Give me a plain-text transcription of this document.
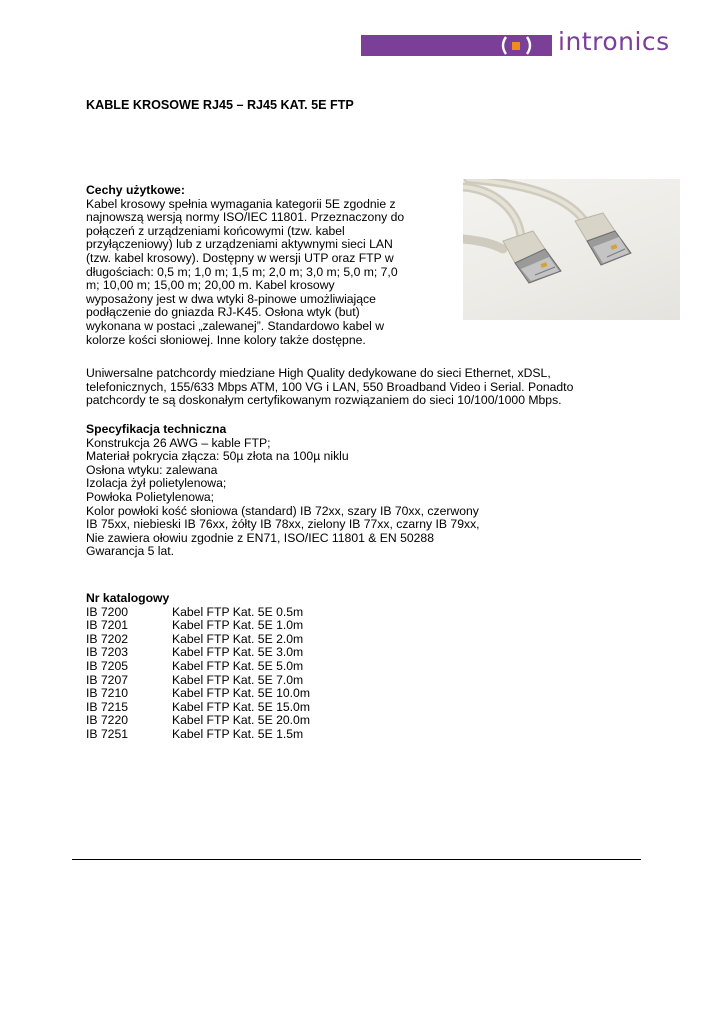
intronics
KABLE KROSOWE RJ45 – RJ45 KAT. 5E FTP

Cechy użytkowe:

Kabel krosowy spełnia wymagania kategorii 5E zgodnie z

najnowszą wersją normy ISO/IEC 11801. Przeznaczony do

połączeń z urządzeniami końcowymi (tzw. kabel

przyłączeniowy) lub z urządzeniami aktywnymi sieci LAN

(tzw. kabel krosowy). Dostępny w wersji UTP oraz FTP w

długościach: 0,5 m; 1,0 m; 1,5 m; 2,0 m; 3,0 m; 5,0 m; 7,0

m; 10,00 m; 15,00 m; 20,00 m. Kabel krosowy

wyposażony jest w dwa wtyki 8-pinowe umożliwiające

podłączenie do gniazda RJ-K45. Osłona wtyk (but)

wykonana w postaci „zalewanej”. Standardowo kabel w

kolorze kości słoniowej. Inne kolory także dostępne.

Uniwersalne patchcordy miedziane High Quality dedykowane do sieci Ethernet, xDSL,

telefonicznych, 155/633 Mbps ATM, 100 VG i LAN, 550 Broadband Video i Serial. Ponadto

patchcordy te są doskonałym certyfikowanym rozwiązaniem do sieci 10/100/1000 Mbps.

Specyfikacja techniczna

Konstrukcja 26 AWG – kable FTP;

Materiał pokrycia złącza: 50µ złota na 100µ niklu

Osłona wtyku: zalewana

Izolacja żył polietylenowa;

Powłoka Polietylenowa;

Kolor powłoki kość słoniowa (standard) IB 72xx, szary IB 70xx, czerwony

IB 75xx, niebieski IB 76xx, żółty IB 78xx, zielony IB 77xx, czarny IB 79xx,

Nie zawiera ołowiu zgodnie z EN71, ISO/IEC 11801 & EN 50288

Gwarancja 5 lat.

Nr katalogowy

IB 7200	Kabel FTP Kat. 5E 0.5m
IB 7201	Kabel FTP Kat. 5E 1.0m
IB 7202	Kabel FTP Kat. 5E 2.0m
IB 7203	Kabel FTP Kat. 5E 3.0m
IB 7205	Kabel FTP Kat. 5E 5.0m
IB 7207	Kabel FTP Kat. 5E 7.0m
IB 7210	Kabel FTP Kat. 5E 10.0m
IB 7215	Kabel FTP Kat. 5E 15.0m
IB 7220	Kabel FTP Kat. 5E 20.0m
IB 7251	Kabel FTP Kat. 5E 1.5m
